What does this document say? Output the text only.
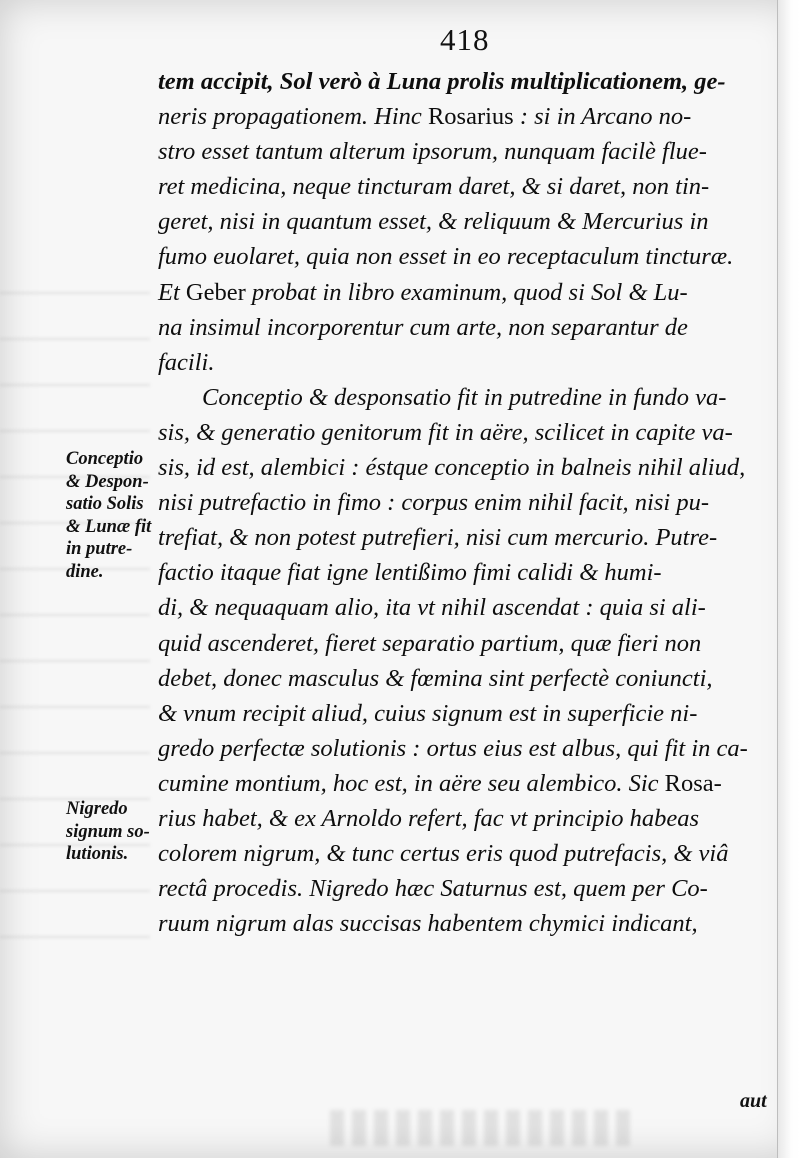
418
tem accipit, Sol verò à Luna prolis multiplicationem, ge-
neris propagationem. Hinc Rosarius : si in Arcano no-
stro esset tantum alterum ipsorum, nunquam facilè flue-
ret medicina, neque tincturam daret, & si daret, non tin-
geret, nisi in quantum esset, & reliquum & Mercurius in
fumo euolaret, quia non esset in eo receptaculum tincturæ.
Et Geber probat in libro examinum, quod si Sol & Lu-
na insimul incorporentur cum arte, non separantur de
facili.
Conceptio & desponsatio fit in putredine in fundo va-
sis, & generatio genitorum fit in aëre, scilicet in capite va-
sis, id est, alembici : éstque conceptio in balneis nihil aliud,
nisi putrefactio in fimo : corpus enim nihil facit, nisi pu-
trefiat, & non potest putrefieri, nisi cum mercurio. Putre-
factio itaque fiat igne lentißimo fimi calidi & humi-
di, & nequaquam alio, ita vt nihil ascendat : quia si ali-
quid ascenderet, fieret separatio partium, quæ fieri non
debet, donec masculus & fœmina sint perfectè coniuncti,
& vnum recipit aliud, cuius signum est in superficie ni-
gredo perfectæ solutionis : ortus eius est albus, qui fit in ca-
cumine montium, hoc est, in aëre seu alembico. Sic Rosa-
rius habet, & ex Arnoldo refert, fac vt principio habeas
colorem nigrum, & tunc certus eris quod putrefacis, & viâ
rectâ procedis. Nigredo hæc Saturnus est, quem per Co-
ruum nigrum alas succisas habentem chymici indicant,
Conceptio
& Despon-
satio Solis
& Lunæ fit
in putre-
dine.
Nigredo
signum so-
lutionis.
aut
